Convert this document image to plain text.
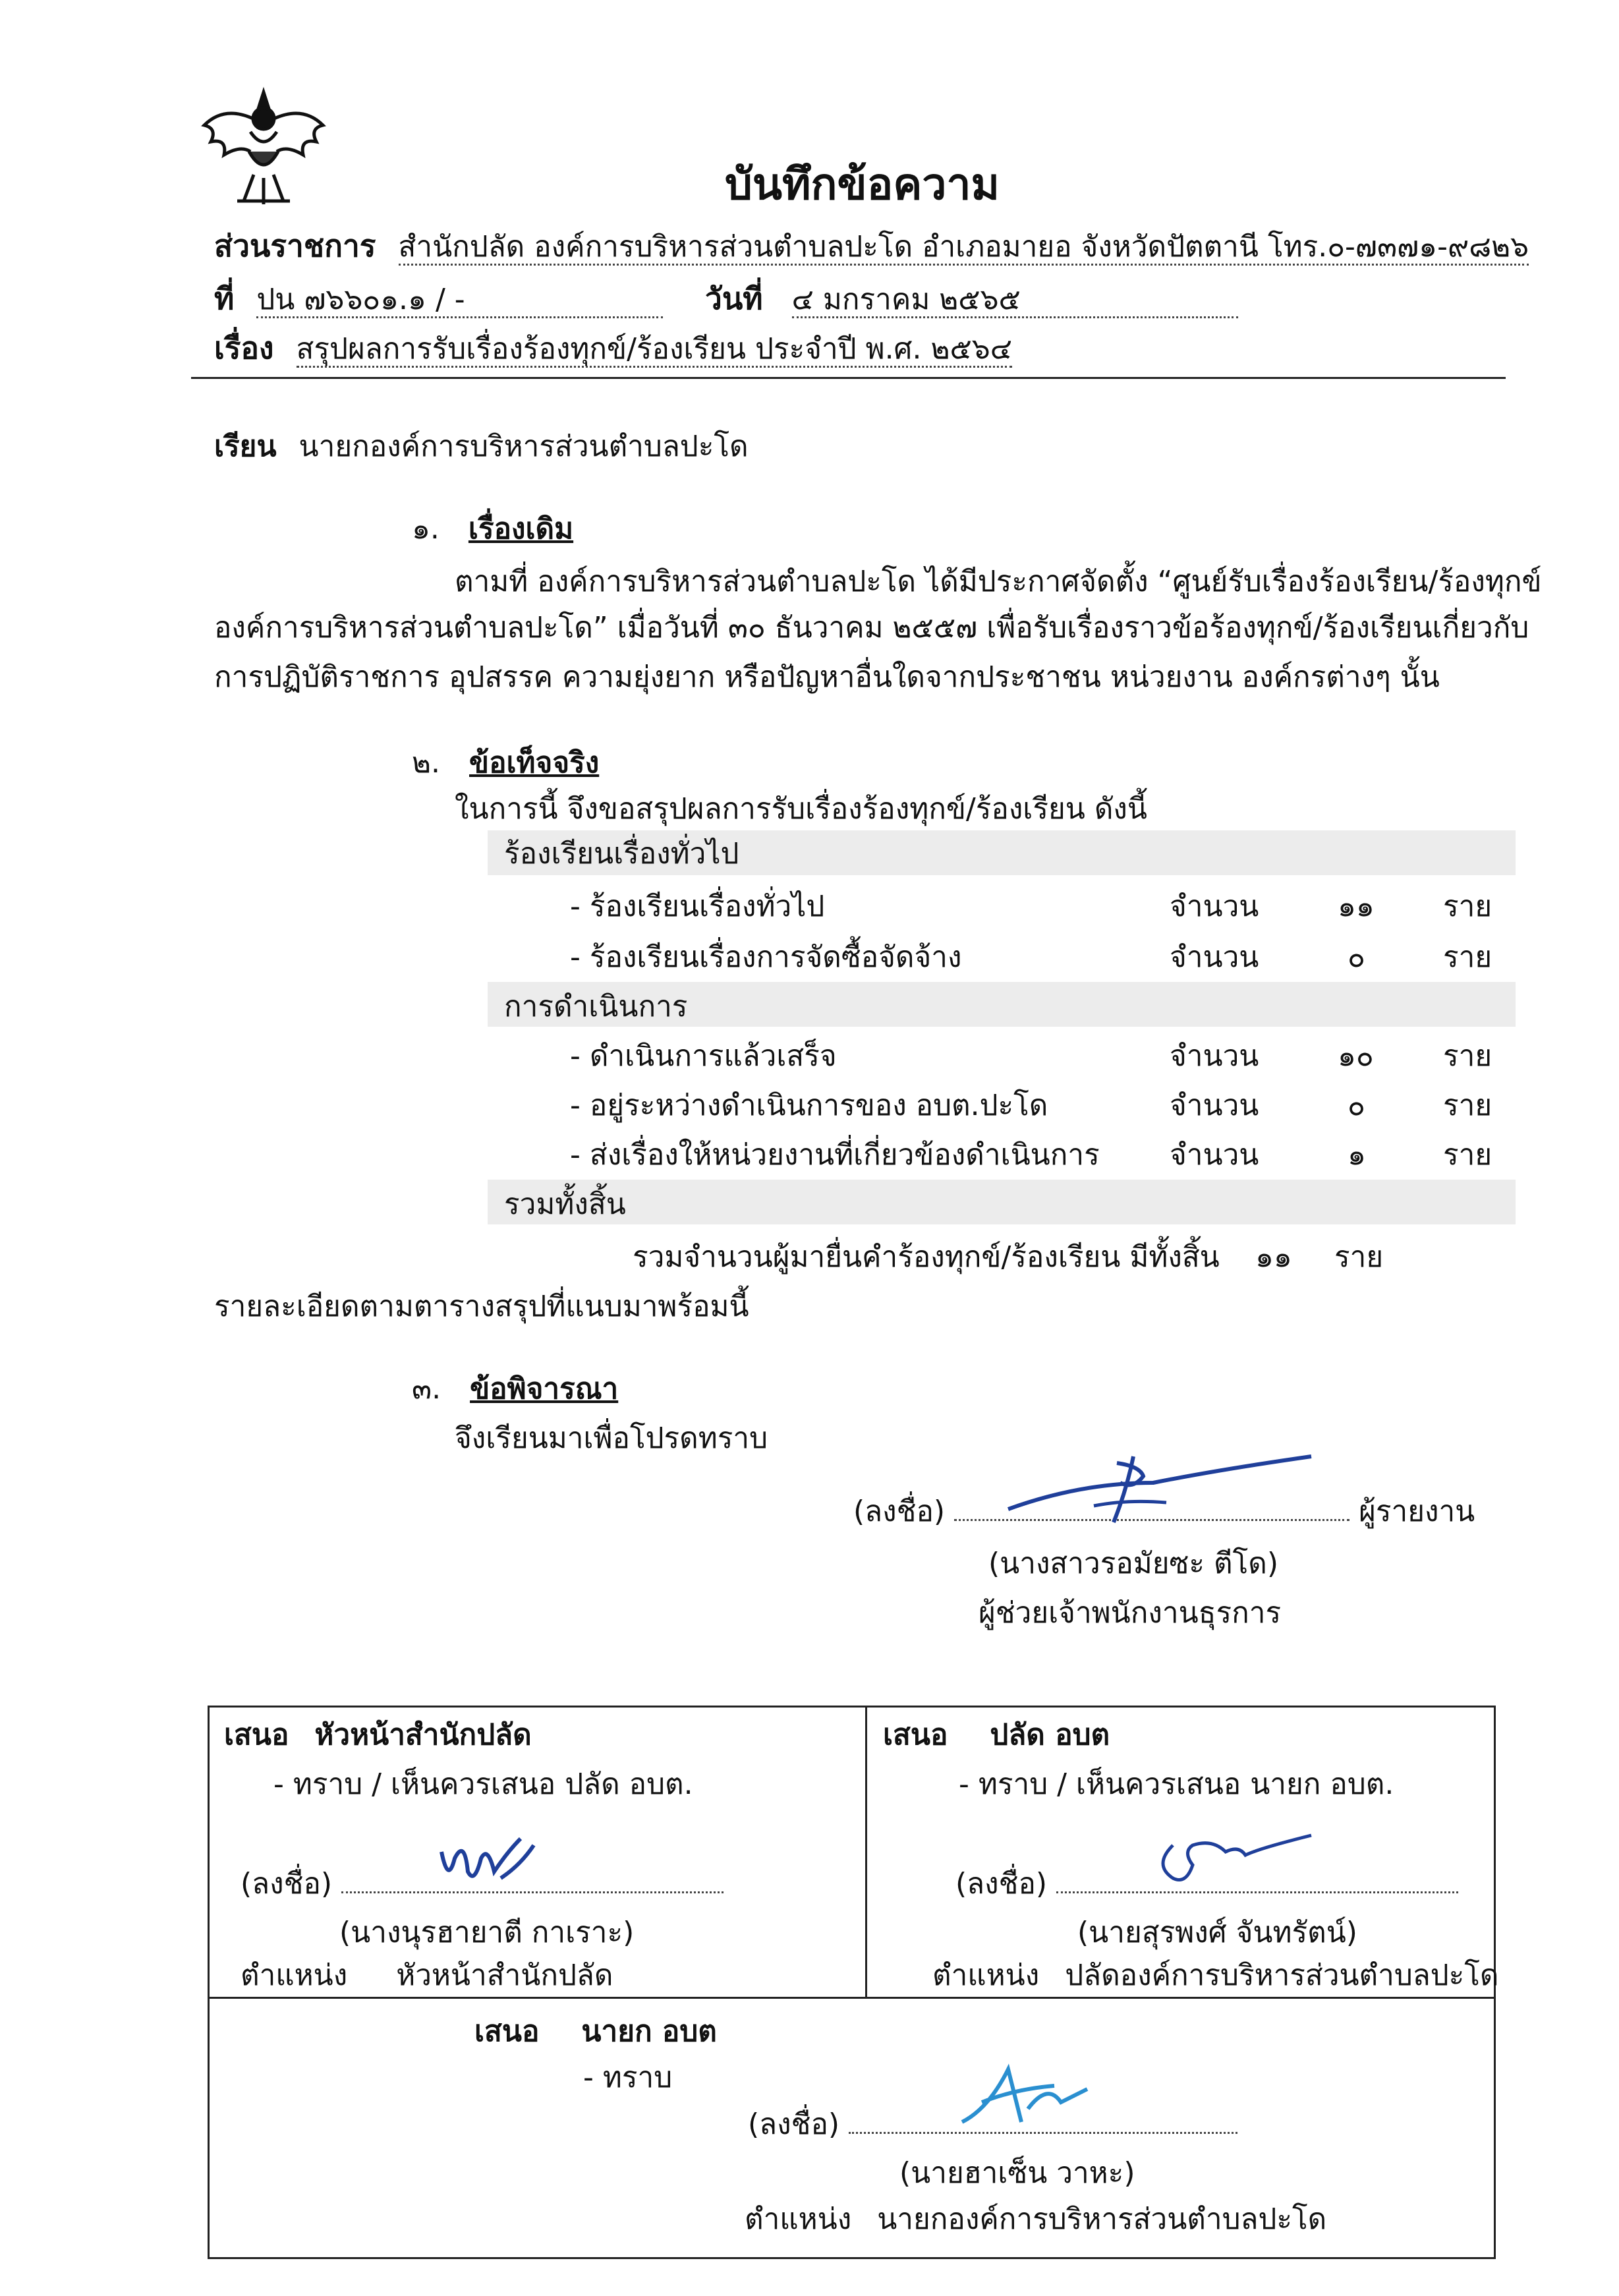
บันทึกข้อความ
ส่วนราชการ สำนักปลัด องค์การบริหารส่วนตำบลปะโด อำเภอมายอ จังหวัดปัตตานี โทร.๐-๗๓๗๑-๙๘๒๖
ที่ ปน ๗๖๖๐๑.๑ / -	วันที่ ๔ มกราคม ๒๕๖๕
เรื่อง สรุปผลการรับเรื่องร้องทุกข์/ร้องเรียน ประจำปี พ.ศ. ๒๕๖๔
เรียน นายกองค์การบริหารส่วนตำบลปะโด
๑. เรื่องเดิม
ตามที่ องค์การบริหารส่วนตำบลปะโด ได้มีประกาศจัดตั้ง “ศูนย์รับเรื่องร้องเรียน/ร้องทุกข์
องค์การบริหารส่วนตำบลปะโด” เมื่อวันที่ ๓๐ ธันวาคม ๒๕๕๗ เพื่อรับเรื่องราวข้อร้องทุกข์/ร้องเรียนเกี่ยวกับ
การปฏิบัติราชการ อุปสรรค ความยุ่งยาก หรือปัญหาอื่นใดจากประชาชน หน่วยงาน องค์กรต่างๆ นั้น
๒. ข้อเท็จจริง
ในการนี้ จึงขอสรุปผลการรับเรื่องร้องทุกข์/ร้องเรียน ดังนี้
ร้องเรียนเรื่องทั่วไป
- ร้องเรียนเรื่องทั่วไป	จำนวน	๑๑ ราย
- ร้องเรียนเรื่องการจัดซื้อจัดจ้าง	จำนวน	๐	ราย
การดำเนินการ
- ดำเนินการแล้วเสร็จ	จำนวน	๑๐ ราย
- อยู่ระหว่างดำเนินการของ อบต.ปะโด	จำนวน	๐	ราย
- ส่งเรื่องให้หน่วยงานที่เกี่ยวข้องดำเนินการ จำนวน	๑	ราย
รวมทั้งสิ้น
รวมจำนวนผู้มายื่นคำร้องทุกข์/ร้องเรียน มีทั้งสิ้น ๑๑ ราย
รายละเอียดตามตารางสรุปที่แนบมาพร้อมนี้
๓. ข้อพิจารณา
จึงเรียนมาเพื่อโปรดทราบ
(ลงชื่อ)	ผู้รายงาน
(นางสาวรอมัยซะ ตีโด)
ผู้ช่วยเจ้าพนักงานธุรการ
เสนอ หัวหน้าสำนักปลัด
- ทราบ / เห็นควรเสนอ ปลัด อบต.
(ลงชื่อ)
(นางนุรฮายาตี กาเราะ)
ตำแหน่ง หัวหน้าสำนักปลัด
เสนอ ปลัด อบต
- ทราบ / เห็นควรเสนอ นายก อบต.
(ลงชื่อ)
(นายสุรพงศ์ จันทรัตน์)
ตำแหน่ง ปลัดองค์การบริหารส่วนตำบลปะโด
เสนอ นายก อบต
- ทราบ
(ลงชื่อ)
(นายฮาเซ็น วาหะ)
ตำแหน่ง นายกองค์การบริหารส่วนตำบลปะโด
